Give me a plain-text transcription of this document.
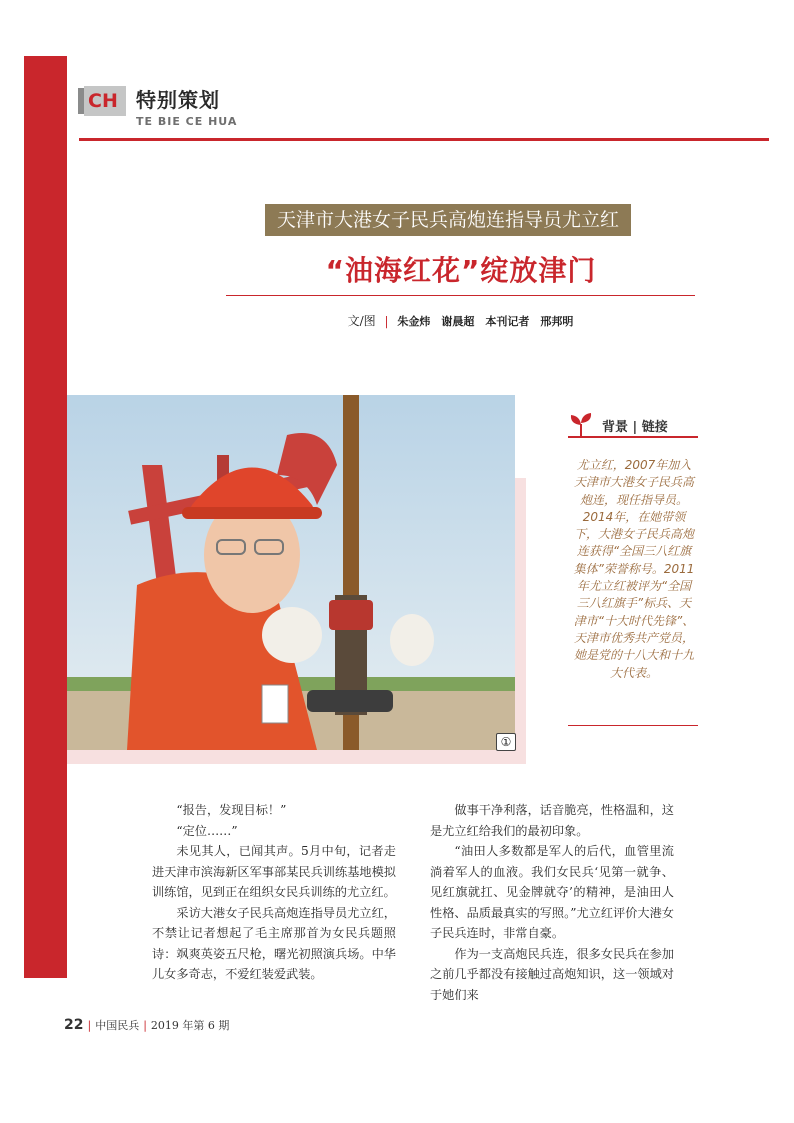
CH 特别策划
TE BIE CE HUA
天津市大港女子民兵高炮连指导员尤立红
“油海红花”绽放津门
文/图 | 朱金炜　谢晨超　本刊记者　邢邦明
①
背景 | 链接
尤立红，2007年加入天津市大港女子民兵高炮连，现任指导员。2014年，在她带领下，大港女子民兵高炮连获得“全国三八红旗集体”荣誉称号。2011年尤立红被评为“全国三八红旗手”标兵、天津市“十大时代先锋”、天津市优秀共产党员，她是党的十八大和十九大代表。

“报告，发现目标！”

“定位……”

未见其人，已闻其声。5月中旬，记者走进天津市滨海新区军事部某民兵训练基地模拟训练馆，见到正在组织女民兵训练的尤立红。

采访大港女子民兵高炮连指导员尤立红，不禁让记者想起了毛主席那首为女民兵题照诗：飒爽英姿五尺枪，曙光初照演兵场。中华儿女多奇志，不爱红装爱武装。

做事干净利落，话音脆亮，性格温和，这是尤立红给我们的最初印象。

“油田人多数都是军人的后代，血管里流淌着军人的血液。我们女民兵‘见第一就争、见红旗就扛、见金牌就夺’的精神，是油田人性格、品质最真实的写照。”尤立红评价大港女子民兵连时，非常自豪。

作为一支高炮民兵连，很多女民兵在参加之前几乎都没有接触过高炮知识，这一领域对于她们来

22 | 中国民兵 | 2019 年第 6 期
